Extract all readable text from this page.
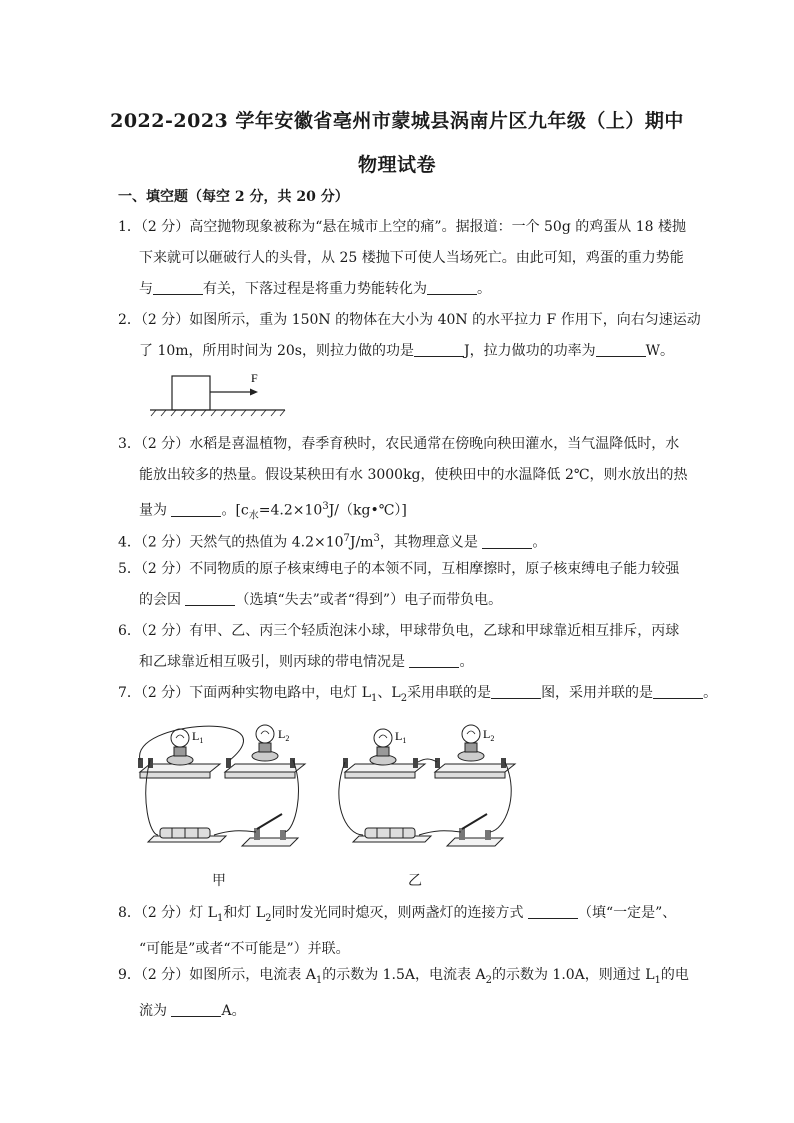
2022-2023 学年安徽省亳州市蒙城县涡南片区九年级（上）期中
物理试卷
一、填空题（每空 2 分，共 20 分）
1．（2 分）高空抛物现象被称为“悬在城市上空的痛”。据报道：一个 50g 的鸡蛋从 18 楼抛
下来就可以砸破行人的头骨，从 25 楼抛下可使人当场死亡。由此可知，鸡蛋的重力势能
与	有关，下落过程是将重力势能转化为	。
2．（2 分）如图所示，重为 150N 的物体在大小为 40N 的水平拉力 F 作用下，向右匀速运动
了 10m，所用时间为 20s，则拉力做的功是	J，拉力做功的功率为	W。
F
3．（2 分）水稻是喜温植物，春季育秧时，农民通常在傍晚向秧田灌水，当气温降低时，水
能放出较多的热量。假设某秧田有水 3000kg，使秧田中的水温降低 2℃，则水放出的热
量为	。$[c_水=4.2\times 10^3J/(kg•℃)]$
4．（2 分）天然气的热值为 $4.2\times 10^7J/m^3$，其物理意义是	。
5．（2 分）不同物质的原子核束缚电子的本领不同，互相摩擦时，原子核束缚电子能力较强
的会因	（选填“失去”或者“得到”）电子而带负电。
6．（2 分）有甲、乙、丙三个轻质泡沫小球，甲球带负电，乙球和甲球靠近相互排斥，丙球
和乙球靠近相互吸引，则丙球的带电情况是	。
7．（2 分）下面两种实物电路中，电灯 $L_1$、$L_2$采用串联的是	图，采用并联的是	。
$L_1$	$L_2$
甲
$L_1$	$L_2$
乙
8．（2 分）灯 $L_1$和灯 $L_2$同时发光同时熄灭，则两盏灯的连接方式	（填“一定是”、
“可能是”或者“不可能是”）并联。
9．（2 分）如图所示，电流表 $A_1$的示数为 1.5A，电流表 $A_2$的示数为 1.0A，则通过 $L_1$的电
流为	A。
